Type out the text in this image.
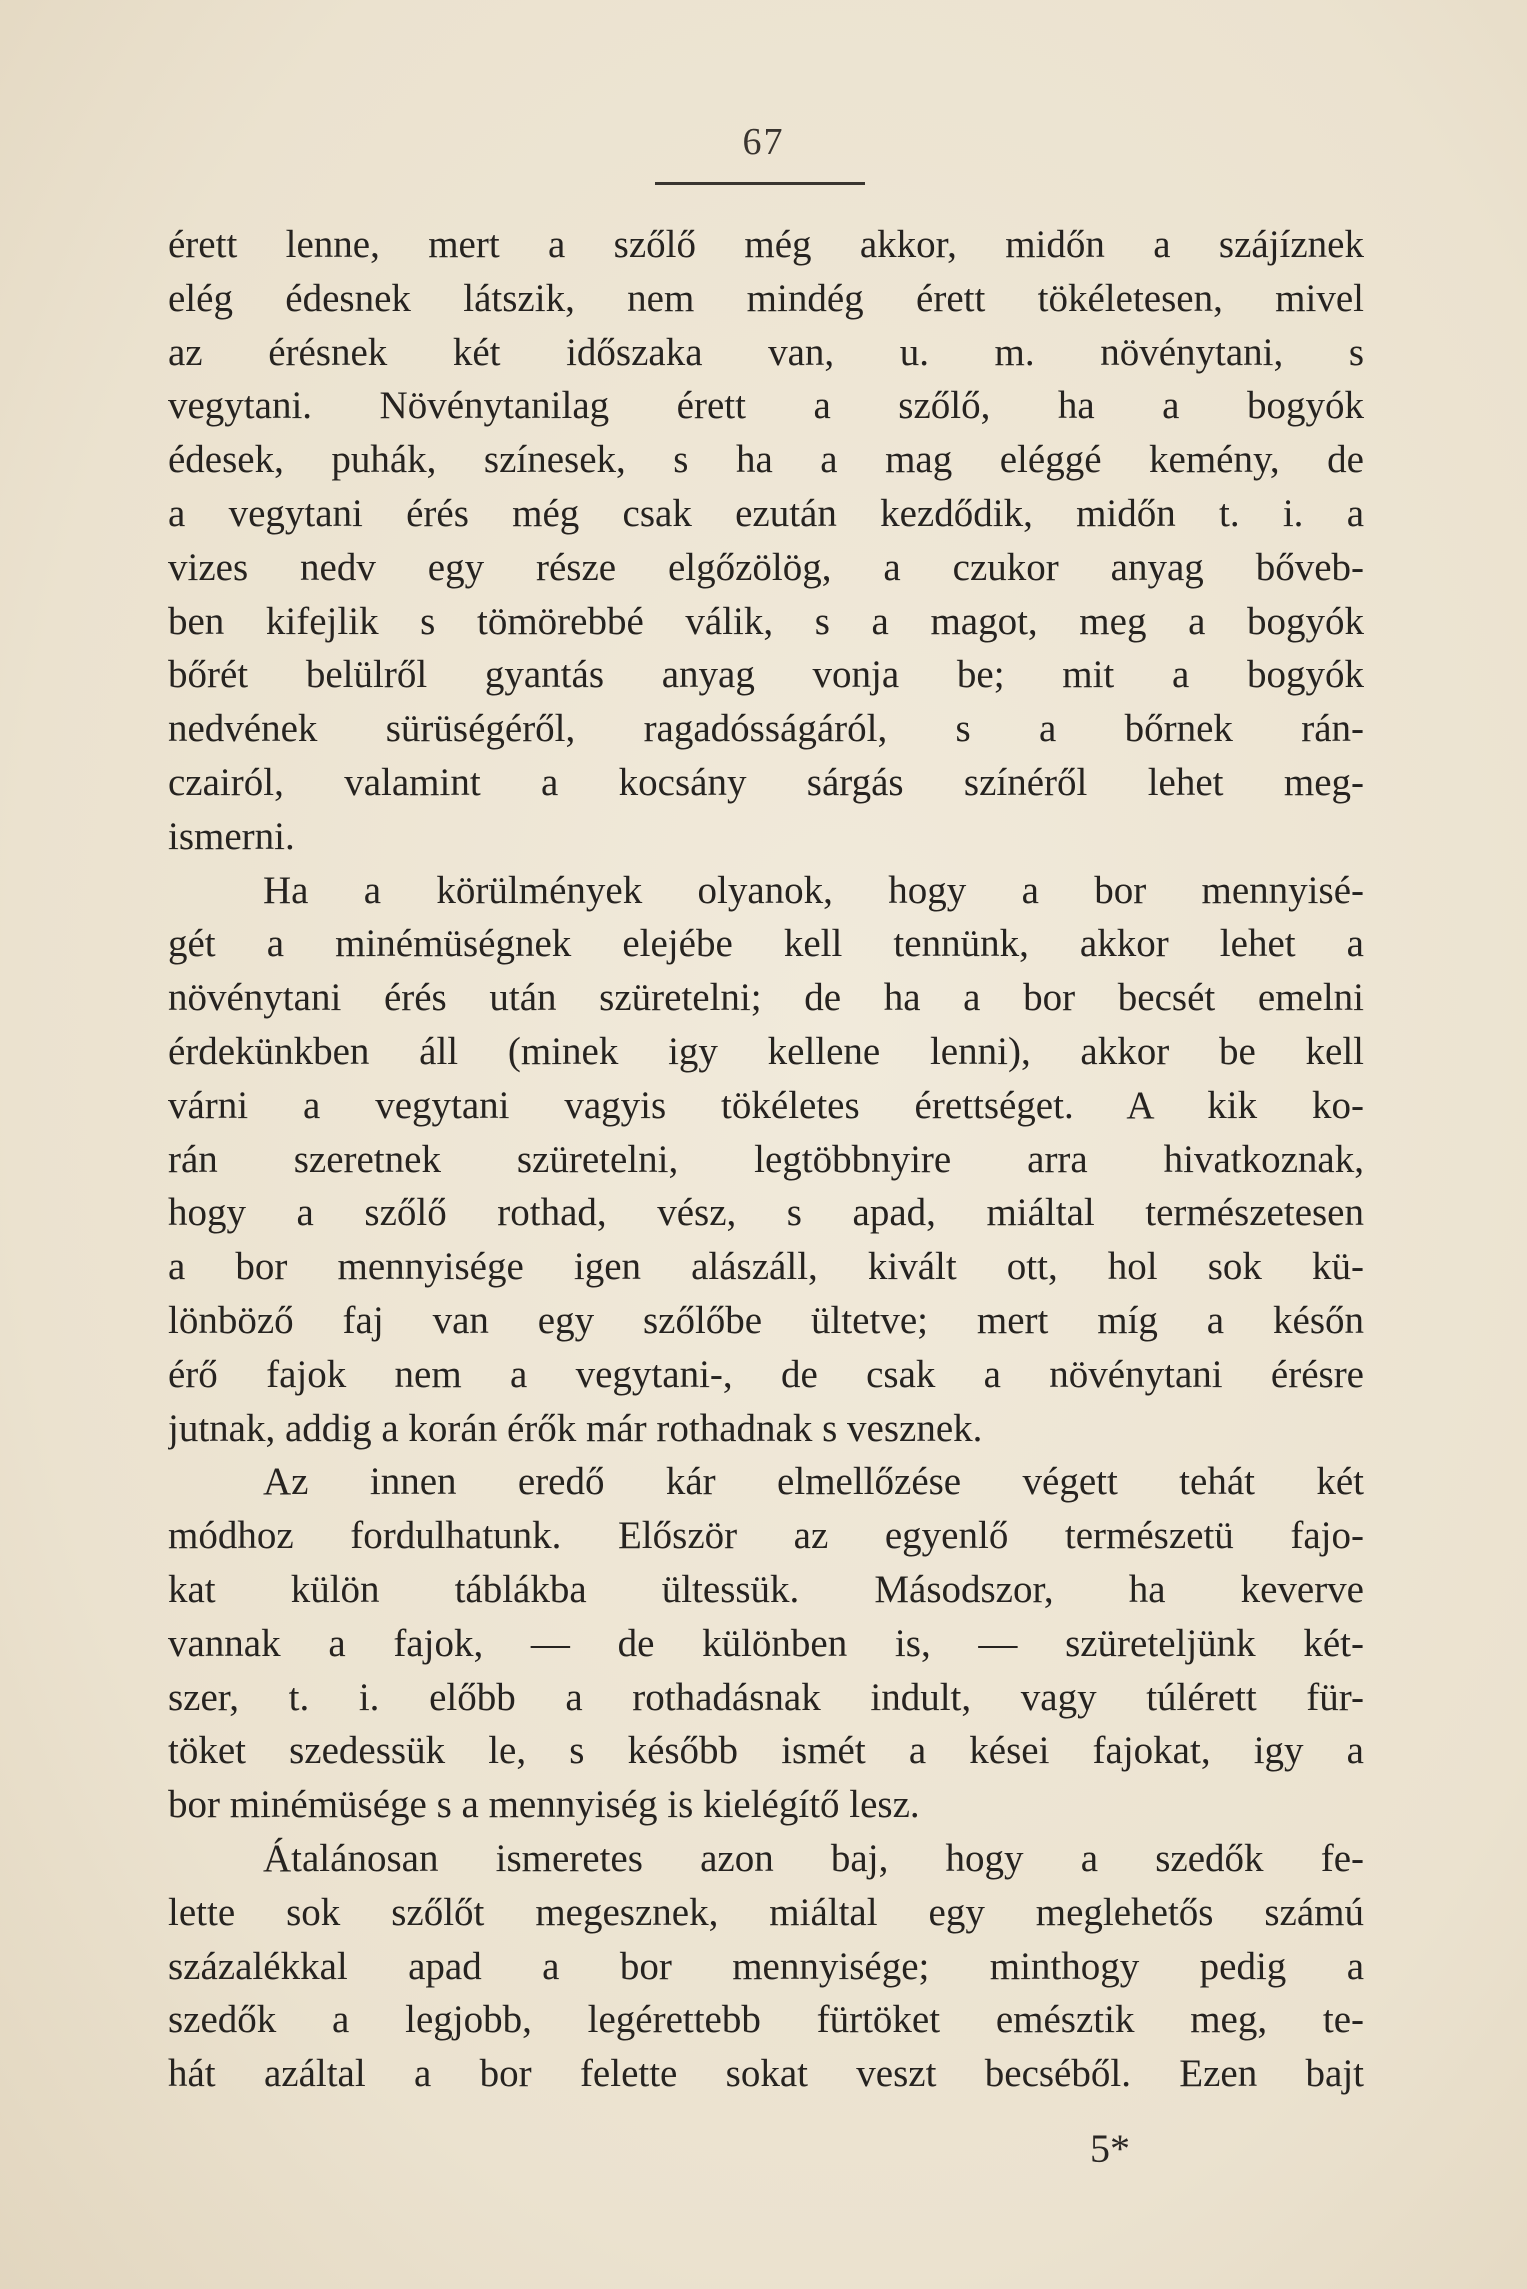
67
érett lenne, mert a szőlő még akkor, midőn a szájíznek
elég édesnek látszik, nem mindég érett tökéletesen, mivel
az érésnek két időszaka van, u. m. növénytani, s
vegytani. Növénytanilag érett a szőlő, ha a bogyók
édesek, puhák, színesek, s ha a mag eléggé kemény, de
a vegytani érés még csak ezután kezdődik, midőn t. i. a
vizes nedv egy része elgőzölög, a czukor anyag bőveb-
ben kifejlik s tömörebbé válik, s a magot, meg a bogyók
bőrét belülről gyantás anyag vonja be; mit a bogyók
nedvének sürüségéről, ragadósságáról, s a bőrnek rán-
czairól, valamint a kocsány sárgás színéről lehet meg-
ismerni.
Ha a körülmények olyanok, hogy a bor mennyisé-
gét a minémüségnek elejébe kell tennünk, akkor lehet a
növénytani érés után szüretelni; de ha a bor becsét emelni
érdekünkben áll (minek igy kellene lenni), akkor be kell
várni a vegytani vagyis tökéletes érettséget. A kik ko-
rán szeretnek szüretelni, legtöbbnyire arra hivatkoznak,
hogy a szőlő rothad, vész, s apad, miáltal természetesen
a bor mennyisége igen alászáll, kivált ott, hol sok kü-
lönböző faj van egy szőlőbe ültetve; mert míg a későn
érő fajok nem a vegytani-, de csak a növénytani érésre
jutnak, addig a korán érők már rothadnak s vesznek.
Az innen eredő kár elmellőzése végett tehát két
módhoz fordulhatunk. Először az egyenlő természetü fajo-
kat külön táblákba ültessük. Másodszor, ha keverve
vannak a fajok, — de különben is, — szüreteljünk két-
szer, t. i. előbb a rothadásnak indult, vagy túlérett für-
töket szedessük le, s később ismét a kései fajokat, igy a
bor minémüsége s a mennyiség is kielégítő lesz.
Átalánosan ismeretes azon baj, hogy a szedők fe-
lette sok szőlőt megesznek, miáltal egy meglehetős számú
százalékkal apad a bor mennyisége; minthogy pedig a
szedők a legjobb, legérettebb fürtöket emésztik meg, te-
hát azáltal a bor felette sokat veszt becséből. Ezen bajt
5*
